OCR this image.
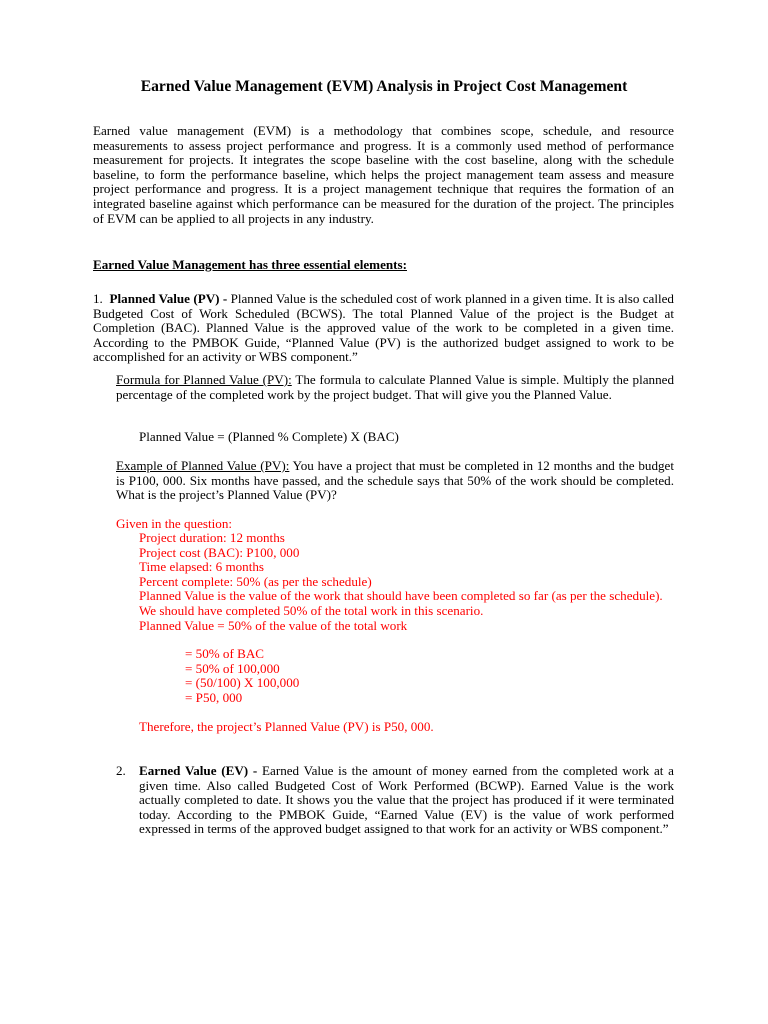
Earned Value Management (EVM) Analysis in Project Cost Management

Earned value management (EVM) is a methodology that combines scope, schedule, and resource measurements to assess project performance and progress. It is a commonly used method of performance measurement for projects. It integrates the scope baseline with the cost baseline, along with the schedule baseline, to form the performance baseline, which helps the project management team assess and measure project performance and progress. It is a project management technique that requires the formation of an integrated baseline against which performance can be measured for the duration of the project. The principles of EVM can be applied to all projects in any industry.

Earned Value Management has three essential elements:

1. Planned Value (PV) - Planned Value is the scheduled cost of work planned in a given time. It is also called Budgeted Cost of Work Scheduled (BCWS). The total Planned Value of the project is the Budget at Completion (BAC). Planned Value is the approved value of the work to be completed in a given time. According to the PMBOK Guide, “Planned Value (PV) is the authorized budget assigned to work to be accomplished for an activity or WBS component.”

Formula for Planned Value (PV): The formula to calculate Planned Value is simple. Multiply the planned percentage of the completed work by the project budget. That will give you the Planned Value.

Planned Value = (Planned % Complete) X (BAC)

Example of Planned Value (PV): You have a project that must be completed in 12 months and the budget is P100, 000. Six months have passed, and the schedule says that 50% of the work should be completed. What is the project’s Planned Value (PV)?

Given in the question:
Project duration: 12 months
Project cost (BAC): P100, 000
Time elapsed: 6 months
Percent complete: 50% (as per the schedule)
Planned Value is the value of the work that should have been completed so far (as per the schedule).
We should have completed 50% of the total work in this scenario.
Planned Value = 50% of the value of the total work
= 50% of BAC
= 50% of 100,000
= (50/100) X 100,000
= P50, 000
Therefore, the project’s Planned Value (PV) is P50, 000.
2. Earned Value (EV) - Earned Value is the amount of money earned from the completed work at a given time. Also called Budgeted Cost of Work Performed (BCWP). Earned Value is the work actually completed to date. It shows you the value that the project has produced if it were terminated today. According to the PMBOK Guide, “Earned Value (EV) is the value of work performed expressed in terms of the approved budget assigned to that work for an activity or WBS component.”
